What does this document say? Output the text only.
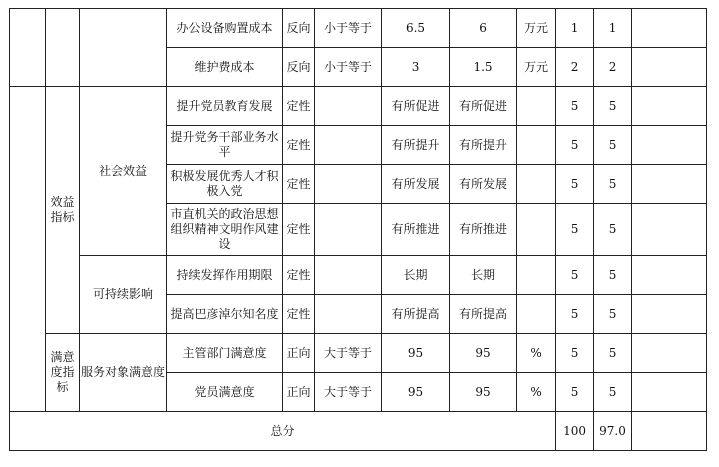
			办公设备购置成本	反向	小于等于	6.5	6	万元	1	1	
			维护费成本	反向	小于等于	3	1.5	万元	2	2	
	效益指标	社会效益	提升党员教育发展	定性		有所促进	有所促进		5	5	
			提升党务干部业务水平	定性		有所提升	有所提升		5	5	
			积极发展优秀人才积极入党	定性		有所发展	有所发展		5	5	
			市直机关的政治思想组织精神文明作风建设	定性		有所推进	有所推进		5	5	
		可持续影响	持续发挥作用期限	定性		长期	长期		5	5	
			提高巴彦淖尔知名度	定性		有所提高	有所提高		5	5	
	满意度指标	服务对象满意度	主管部门满意度	正向	大于等于	95	95	%	5	5	
			党员满意度	正向	大于等于	95	95	%	5	5	
总分									100	97.0	
